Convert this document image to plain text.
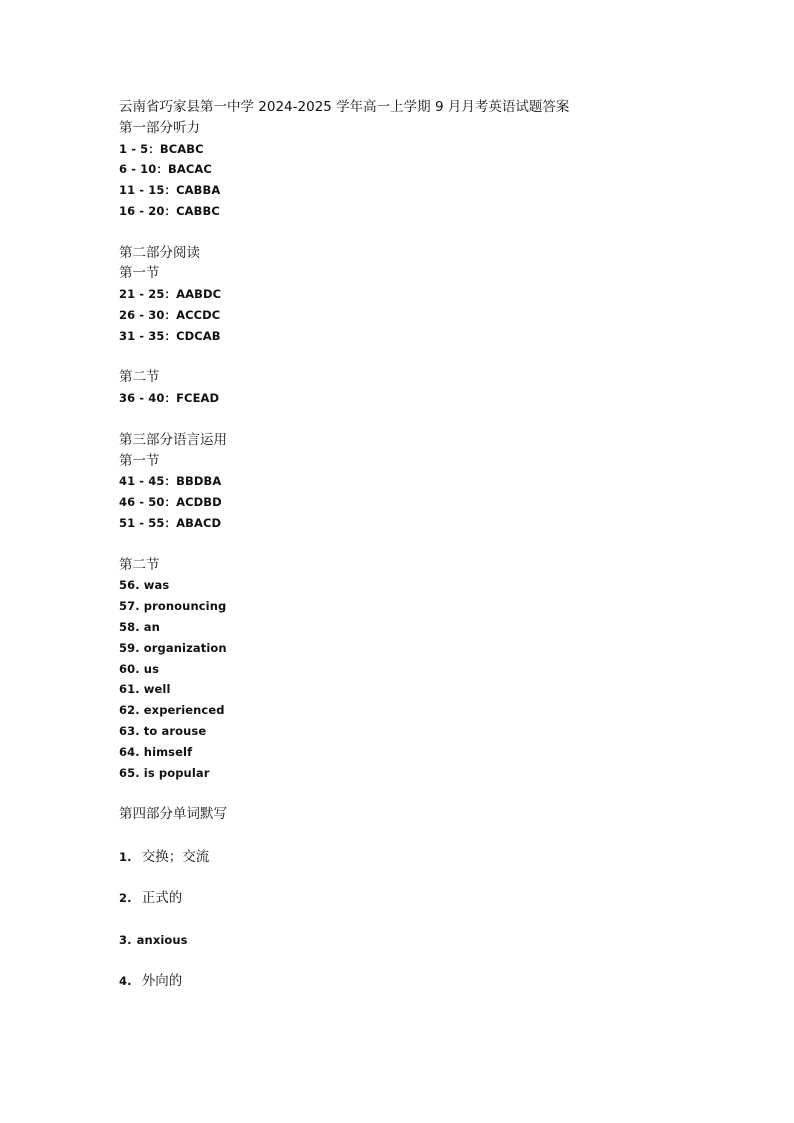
云南省巧家县第一中学 2024-2025 学年高一上学期 9 月月考英语试题答案
第一部分听力
1 - 5：BCABC
6 - 10：BACAC
11 - 15：CABBA
16 - 20：CABBC
第二部分阅读
第一节
21 - 25：AABDC
26 - 30：ACCDC
31 - 35：CDCAB
第二节
36 - 40：FCEAD
第三部分语言运用
第一节
41 - 45：BBDBA
46 - 50：ACDBD
51 - 55：ABACD
第二节
56. was
57. pronouncing
58. an
59. organization
60. us
61. well
62. experienced
63. to arouse
64. himself
65. is popular
第四部分单词默写
1. 交换；交流
2. 正式的
3. anxious
4. 外向的
